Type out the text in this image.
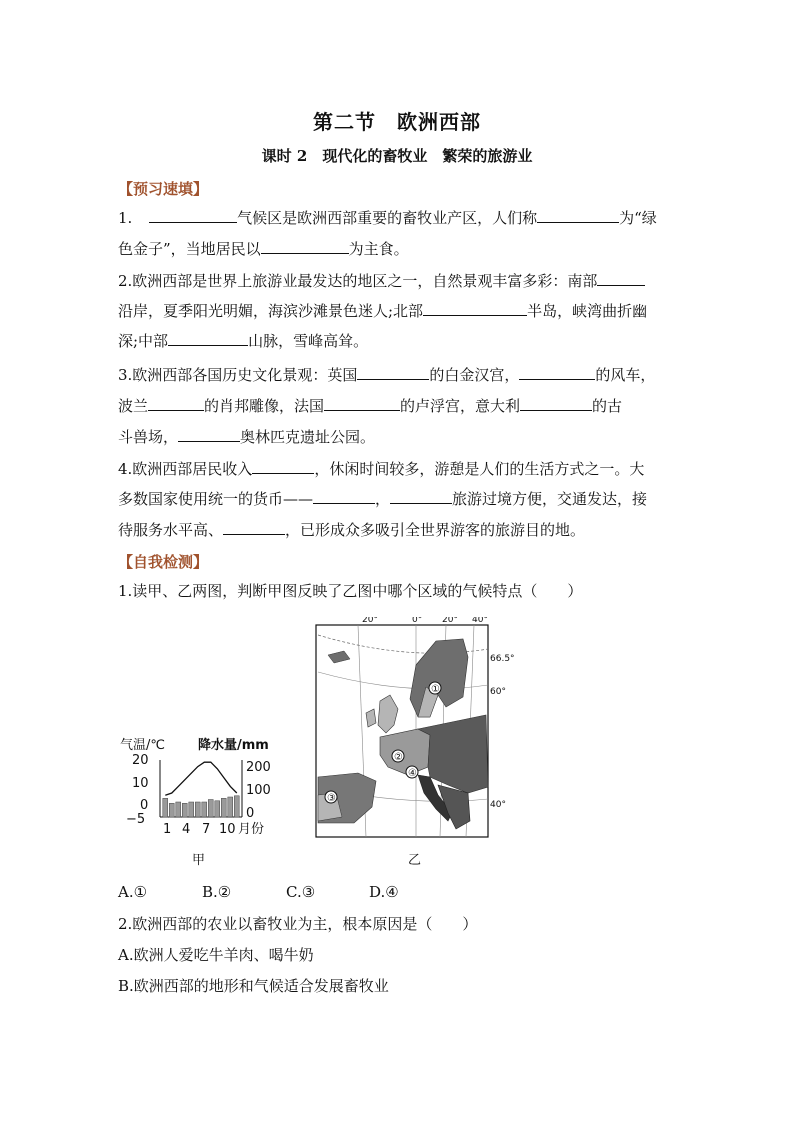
第二节　欧洲西部
课时 2　现代化的畜牧业　繁荣的旅游业
【预习速填】
1.	气候区是欧洲西部重要的畜牧业产区，人们称	为“绿
色金子”，当地居民以	为主食。
2.欧洲西部是世界上旅游业最发达的地区之一，自然景观丰富多彩：南部
沿岸，夏季阳光明媚，海滨沙滩景色迷人;北部	半岛，峡湾曲折幽
深;中部	山脉，雪峰高耸。
3.欧洲西部各国历史文化景观：英国	的白金汉宫，	的风车，
波兰	的肖邦雕像，法国	的卢浮宫，意大利	的古
斗兽场，	奥林匹克遗址公园。
4.欧洲西部居民收入	，休闲时间较多，游憩是人们的生活方式之一。大
多数国家使用统一的货币——	，	旅游过境方便，交通发达，接
待服务水平高、	，已形成众多吸引全世界游客的旅游目的地。
【自我检测】
1.读甲、乙两图，判断甲图反映了乙图中哪个区域的气候特点（　　）
气温/℃	降水量/mm
20
10
0
−5
200
100
0
1 4 7 10 月份
甲
20°	0° 20° 40°
66.5°
60°
40°
①
②
③
④
乙
A.①	B.②	C.③	D.④
2.欧洲西部的农业以畜牧业为主，根本原因是（　　）
A.欧洲人爱吃牛羊肉、喝牛奶
B.欧洲西部的地形和气候适合发展畜牧业
